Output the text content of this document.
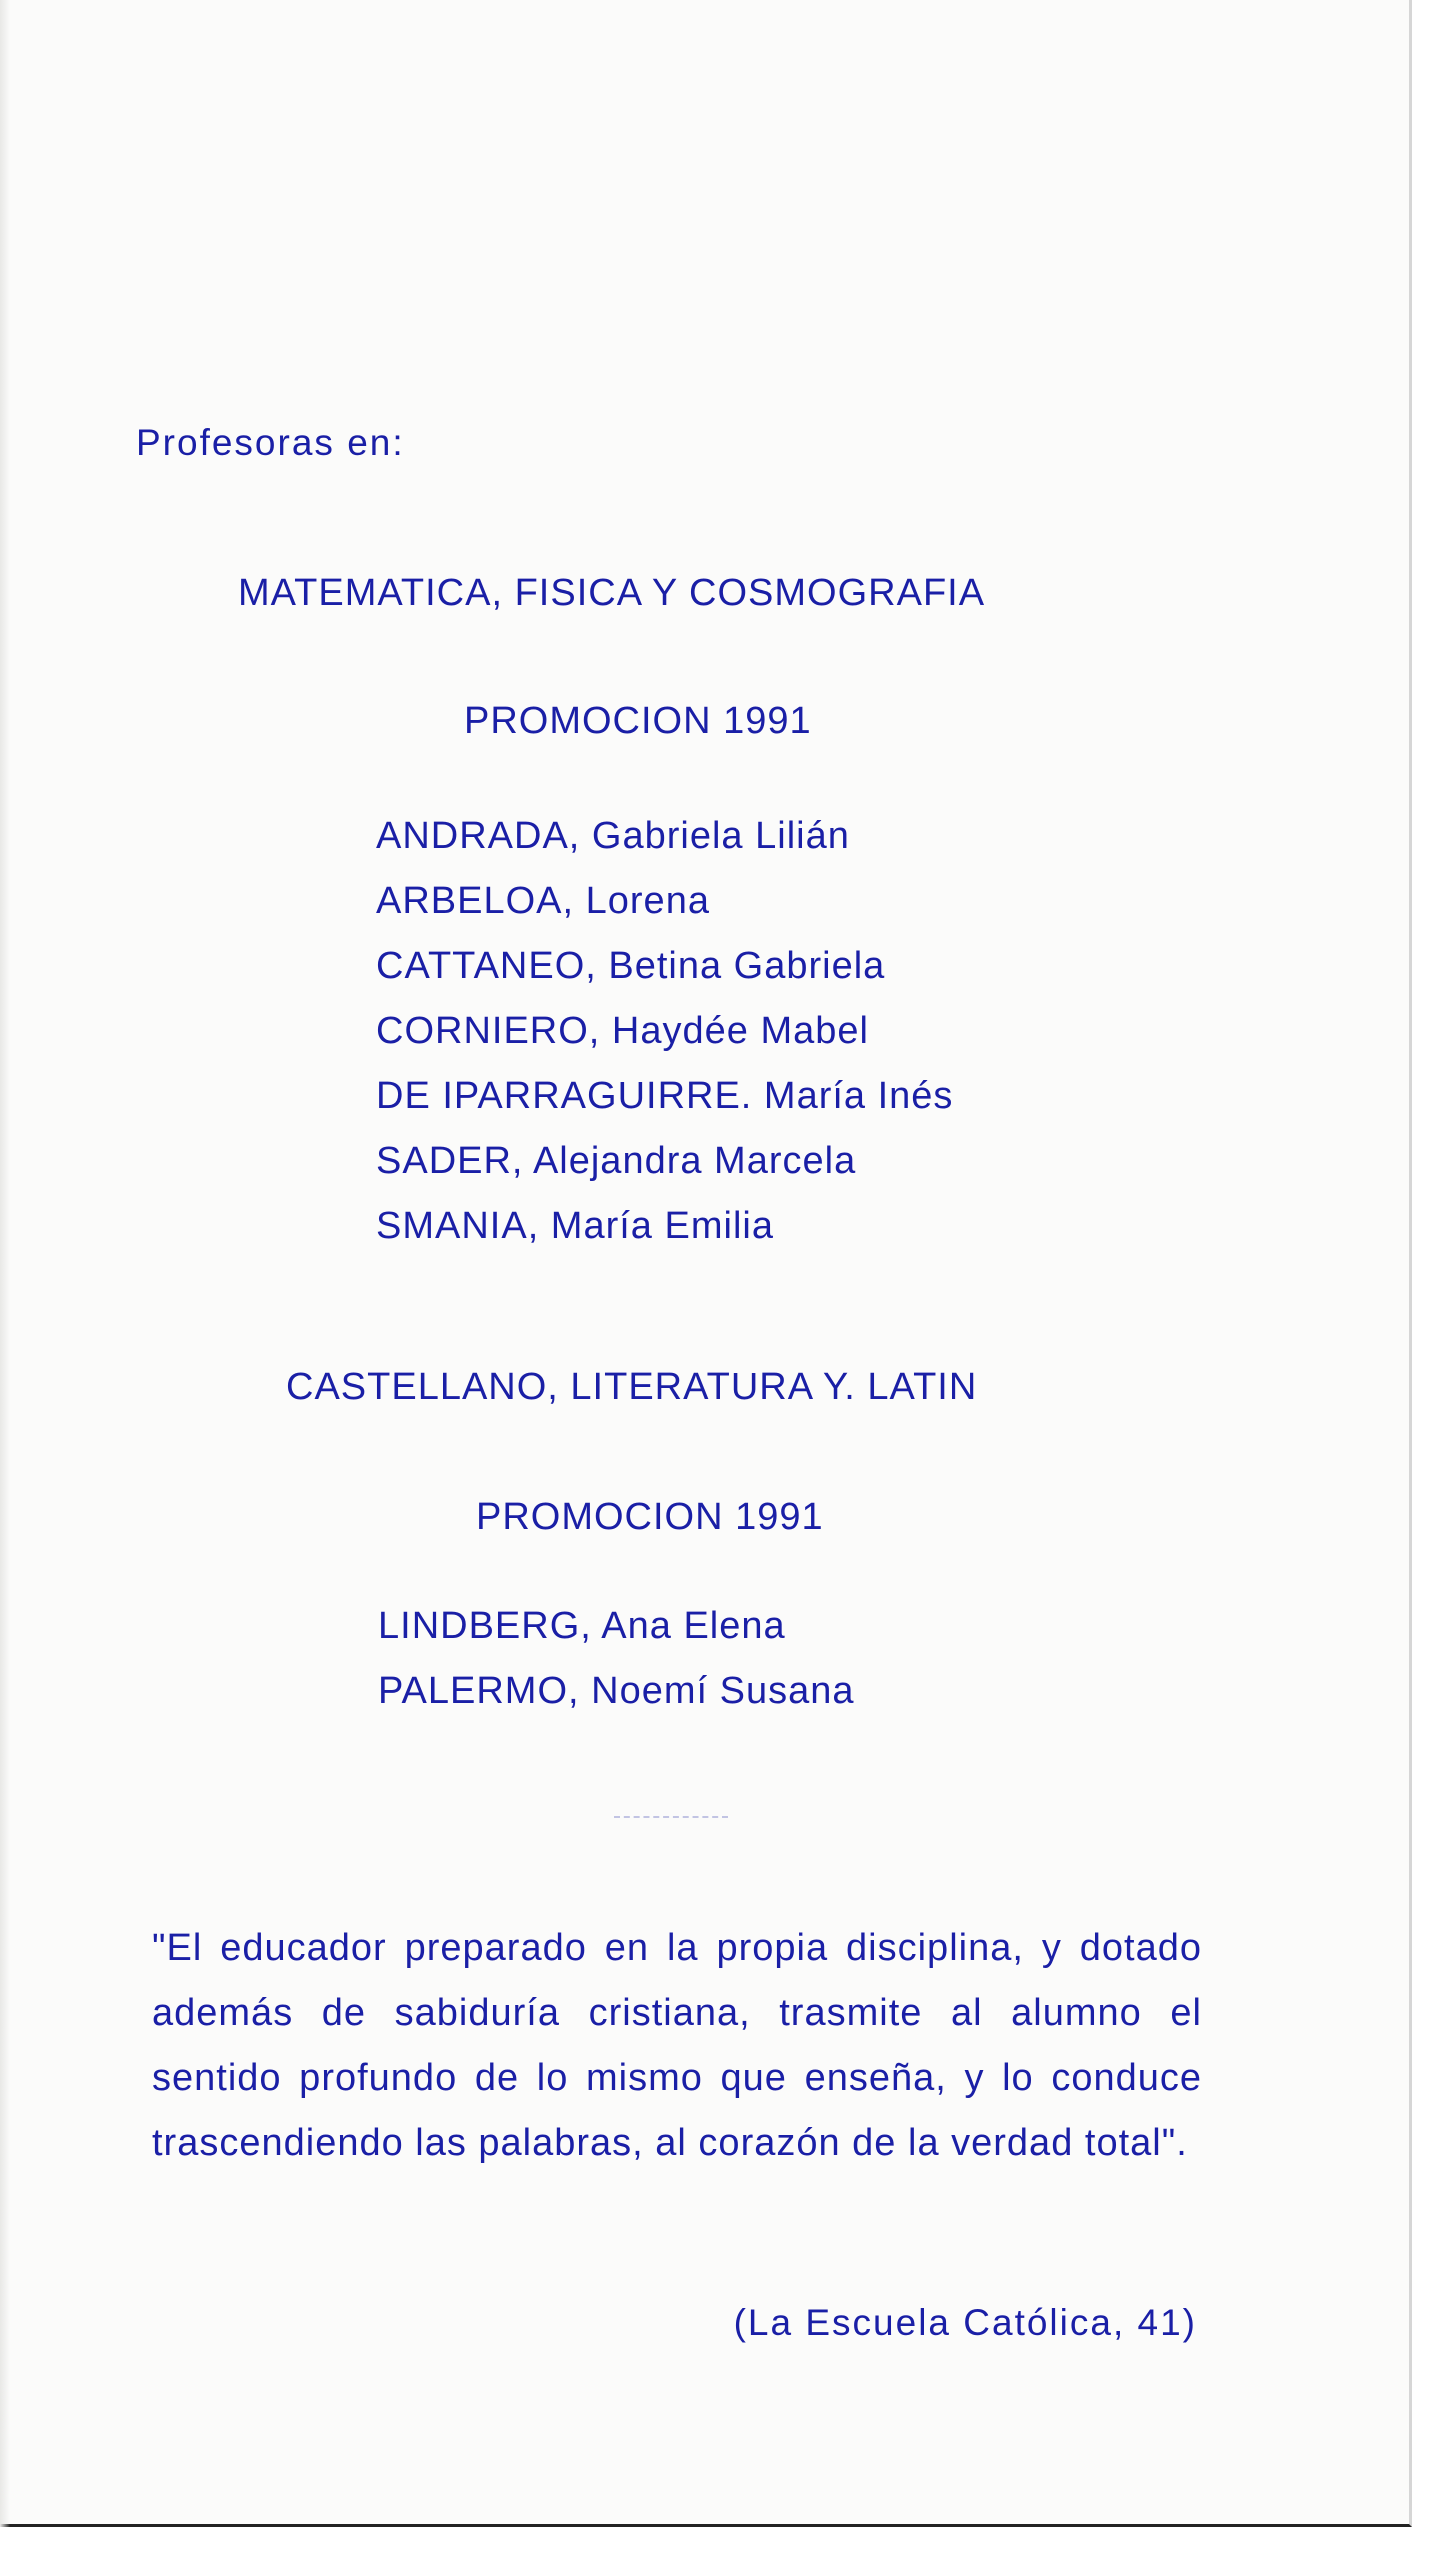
Profesoras en:

MATEMATICA, FISICA Y COSMOGRAFIA

PROMOCION 1991

ANDRADA, Gabriela Lilián
ARBELOA, Lorena
CATTANEO, Betina Gabriela
CORNIERO, Haydée Mabel
DE IPARRAGUIRRE. María Inés
SADER, Alejandra Marcela
SMANIA, María Emilia

CASTELLANO, LITERATURA Y. LATIN

PROMOCION 1991

LINDBERG, Ana Elena
PALERMO, Noemí Susana

"El educador preparado en la propia disciplina, y dotado además de sabiduría cristiana, trasmite al alumno el sentido profundo de lo mismo que enseña, y lo conduce trascendiendo las palabras, al corazón de la verdad total".

(La Escuela Católica, 41)
